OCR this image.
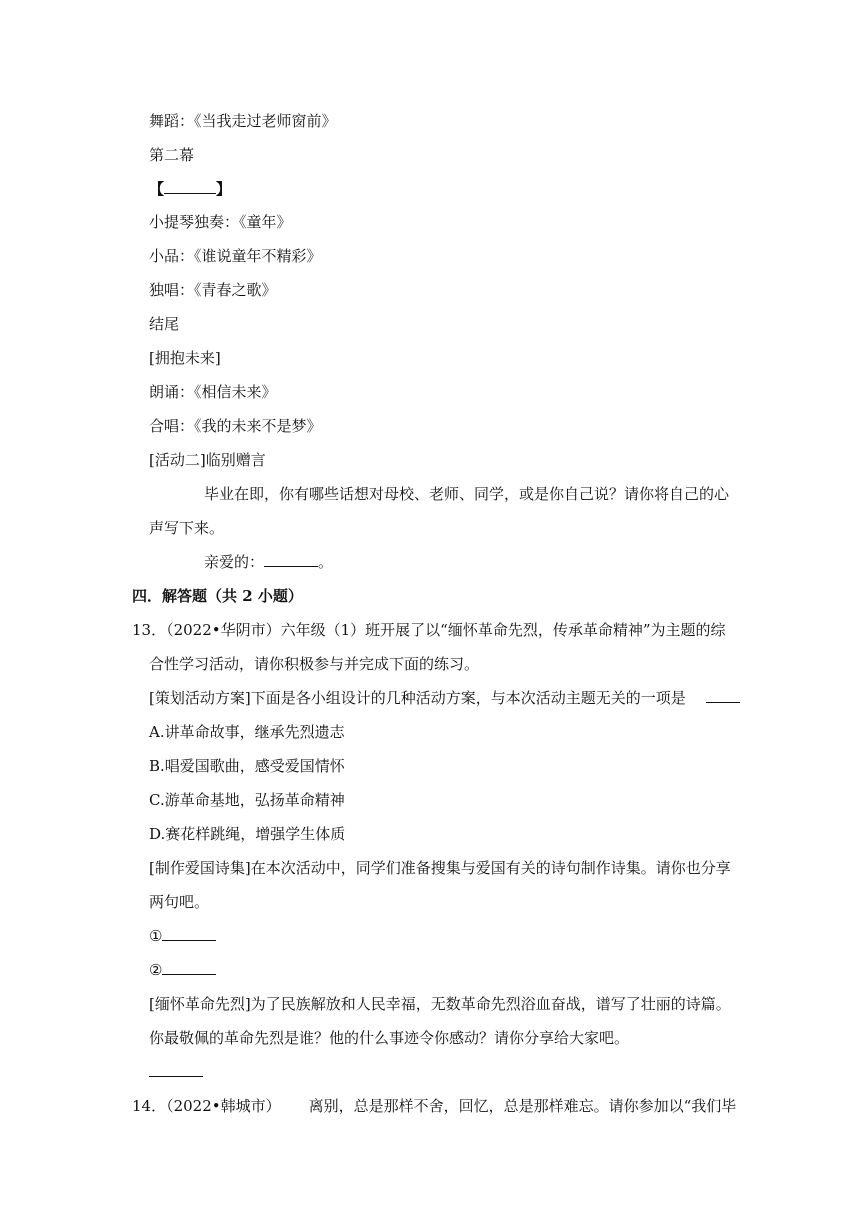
舞蹈：《当我走过老师窗前》
第二幕
【	】
小提琴独奏：《童年》
小品：《谁说童年不精彩》
独唱：《青春之歌》
结尾
[拥抱未来]
朗诵：《相信未来》
合唱：《我的未来不是梦》
[活动二]临别赠言
毕业在即，你有哪些话想对母校、老师、同学，或是你自己说？请你将自己的心
声写下来。
亲爱的：	。
四．解答题（共 2 小题）
13．（2022•华阴市）六年级（1）班开展了以“缅怀革命先烈，传承革命精神”为主题的综
合性学习活动，请你积极参与并完成下面的练习。
[策划活动方案]下面是各小组设计的几种活动方案，与本次活动主题无关的一项是
A.讲革命故事，继承先烈遗志
B.唱爱国歌曲，感受爱国情怀
C.游革命基地，弘扬革命精神
D.赛花样跳绳，增强学生体质
[制作爱国诗集]在本次活动中，同学们准备搜集与爱国有关的诗句制作诗集。请你也分享
两句吧。
①
②
[缅怀革命先烈]为了民族解放和人民幸福，无数革命先烈浴血奋战，谱写了壮丽的诗篇。
你最敬佩的革命先烈是谁？他的什么事迹令你感动？请你分享给大家吧。
14．（2022•韩城市） 离别，总是那样不舍，回忆，总是那样难忘。请你参加以“我们毕
